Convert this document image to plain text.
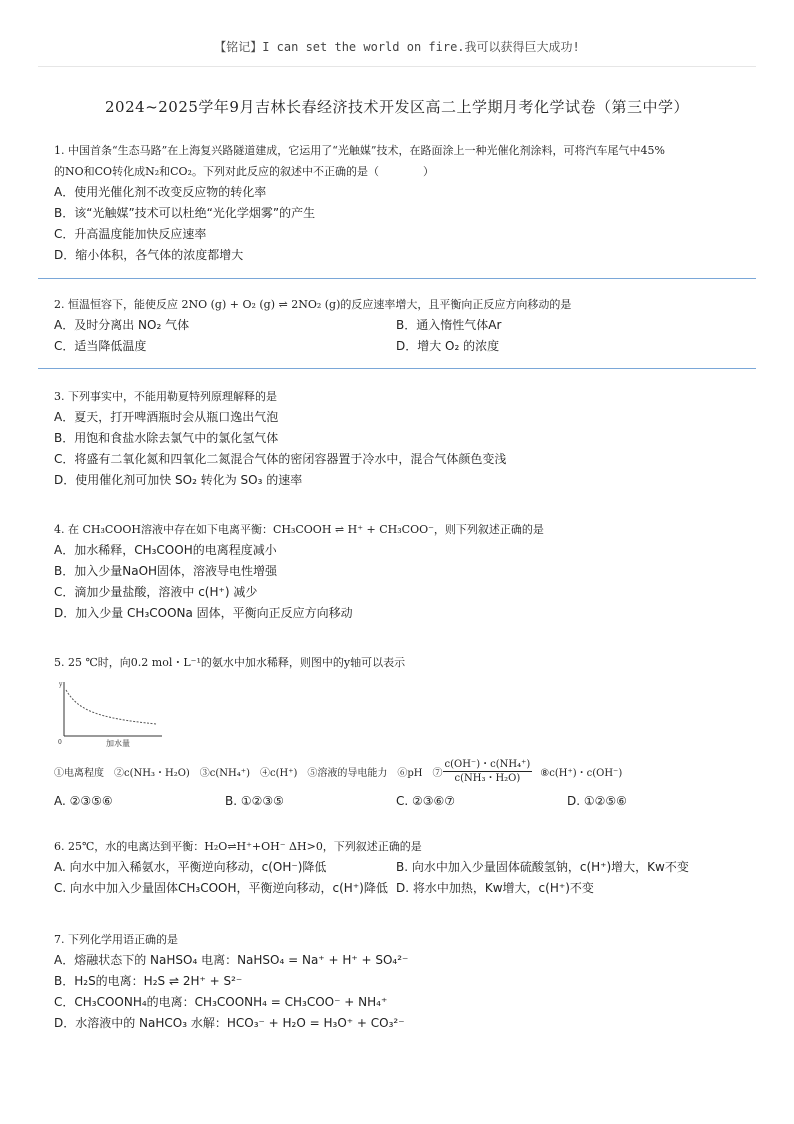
【铭记】I can set the world on fire.我可以获得巨大成功!
2024~2025学年9月吉林长春经济技术开发区高二上学期月考化学试卷（第三中学）
1. 中国首条“生态马路”在上海复兴路隧道建成，它运用了“光触媒”技术，在路面涂上一种光催化剂涂料，可将汽车尾气中45%
的NO和CO转化成N₂和CO₂。下列对此反应的叙述中不正确的是（　　　　）
A．使用光催化剂不改变反应物的转化率
B．该“光触媒”技术可以杜绝“光化学烟雾”的产生
C．升高温度能加快反应速率
D．缩小体积，各气体的浓度都增大
2. 恒温恒容下，能使反应 2NO (g) + O₂ (g) ⇌ 2NO₂ (g)的反应速率增大，且平衡向正反应方向移动的是
A．及时分离出 NO₂ 气体	B．通入惰性气体Ar
C．适当降低温度	D．增大 O₂ 的浓度
3. 下列事实中，不能用勒夏特列原理解释的是
A．夏天，打开啤酒瓶时会从瓶口逸出气泡
B．用饱和食盐水除去氯气中的氯化氢气体
C．将盛有二氧化氮和四氧化二氮混合气体的密闭容器置于冷水中，混合气体颜色变浅
D．使用催化剂可加快 SO₂ 转化为 SO₃ 的速率
4. 在 CH₃COOH溶液中存在如下电离平衡：CH₃COOH ⇌ H⁺ + CH₃COO⁻，则下列叙述正确的是
A．加水稀释，CH₃COOH的电离程度减小
B．加入少量NaOH固体，溶液导电性增强
C．滴加少量盐酸，溶液中 c(H⁺) 减少
D．加入少量 CH₃COONa 固体，平衡向正反应方向移动
5. 25 ℃时，向0.2 mol・L⁻¹的氨水中加水稀释，则图中的y轴可以表示
y
0	加水量
①电离程度　②c(NH₃・H₂O)　③c(NH₄⁺)　④c(H⁺)　⑤溶液的导电能力　⑥pH　⑦ $\frac{\text{c(OH⁻)・c(NH₄⁺)}}{\text{c(NH₃・H₂O)}}$ ⑧c(H⁺)・c(OH⁻)
A. ②③⑤⑥	B. ①②③⑤	C. ②③⑥⑦	D. ①②⑤⑥
6. 25℃，水的电离达到平衡：H₂O⇌H⁺+OH⁻ ΔH>0，下列叙述正确的是
A. 向水中加入稀氨水，平衡逆向移动，c(OH⁻)降低	B. 向水中加入少量固体硫酸氢钠，c(H⁺)增大，Kw不变
C. 向水中加入少量固体CH₃COOH，平衡逆向移动，c(H⁺)降低 D. 将水中加热，Kw增大，c(H⁺)不变
7. 下列化学用语正确的是
A．熔融状态下的 NaHSO₄ 电离：NaHSO₄ = Na⁺ + H⁺ + SO₄²⁻
B．H₂S的电离：H₂S ⇌ 2H⁺ + S²⁻
C．CH₃COONH₄的电离：CH₃COONH₄ = CH₃COO⁻ + NH₄⁺
D．水溶液中的 NaHCO₃ 水解：HCO₃⁻ + H₂O = H₃O⁺ + CO₃²⁻
